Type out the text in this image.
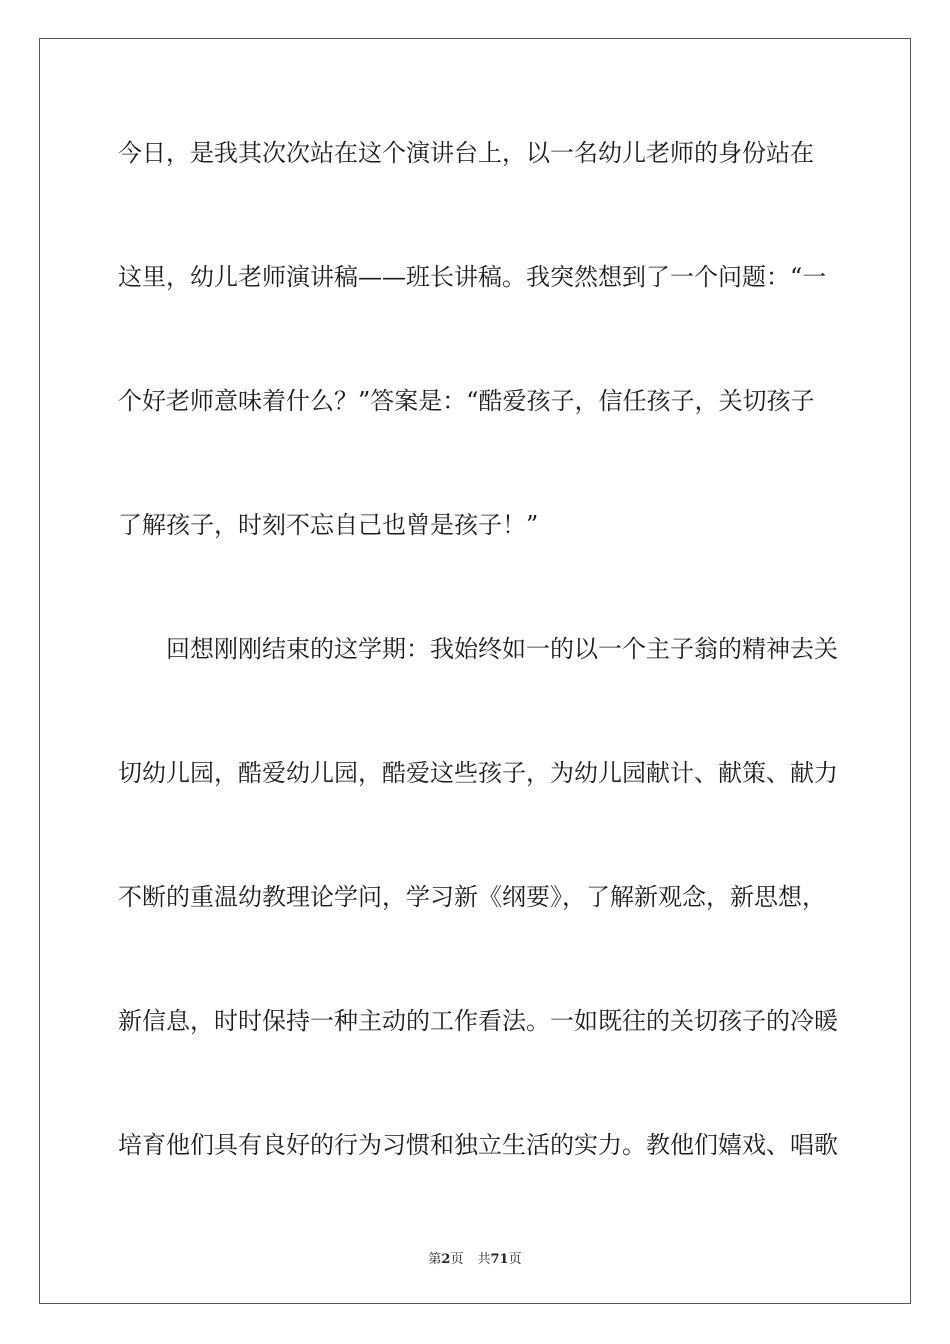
今日，是我其次次站在这个演讲台上，以一名幼儿老师的身份站在
这里，幼儿老师演讲稿——班长讲稿。我突然想到了一个问题：“一
个好老师意味着什么？”答案是：“酷爱孩子，信任孩子，关切孩子
了解孩子，时刻不忘自己也曾是孩子！”
　　回想刚刚结束的这学期：我始终如一的以一个主子翁的精神去关
切幼儿园，酷爱幼儿园，酷爱这些孩子，为幼儿园献计、献策、献力
不断的重温幼教理论学问，学习新《纲要》，了解新观念，新思想，
新信息，时时保持一种主动的工作看法。一如既往的关切孩子的冷暖
培育他们具有良好的行为习惯和独立生活的实力。教他们嬉戏、唱歌
第2页 共71页
